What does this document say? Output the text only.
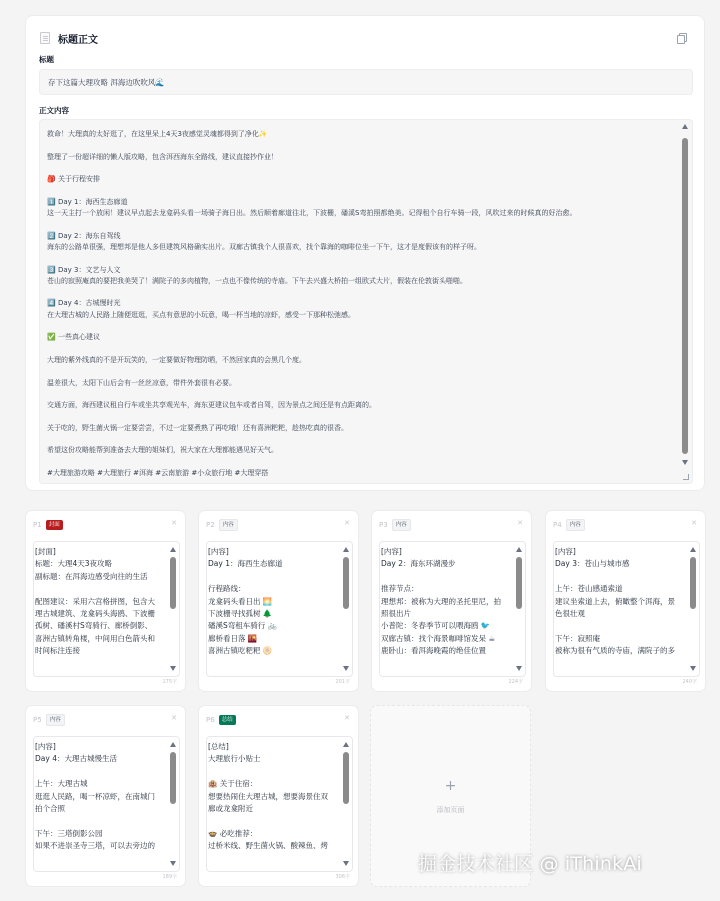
标题正文
标题
存下这篇大理攻略 洱海边吹吹风🌊
正文内容
救命！大理真的太好逛了，在这里呆上4天3夜感觉灵魂都得到了净化✨

整理了一份超详细的懒人版攻略，包含洱西海东全路线，建议直接抄作业！

🎒 关于行程安排

1️⃣ Day 1：海西生态廊道
这一天主打一个放闲！建议早点起去龙龛码头看一场骑子海日出。然后顺着廊道往北，下波栅，磻溪S弯拍照都绝美。记得租个自行车骑一段，风吹过来的时候真的好治愈。

2️⃣ Day 2：海东自驾线
海东的公路单很强，理想邦是他人多但建筑风格确实出片。双廊古镇我个人很喜欢，找个靠海的咖啡位坐一下午，这才是度假该有的样子呀。

3️⃣ Day 3：文艺与人文
苍山的寂照庵真的要把我美哭了！满院子的多肉植物，一点也不像传统的寺庙。下午去兴盛大桥拍一组欧式大片，假装在伦敦街头啪啪。

4️⃣ Day 4：古城慢时光
在大理古城的人民路上随便逛逛，买点有意思的小玩意，喝一杯当地的凉虾，感受一下那种松弛感。

✅ 一些真心建议

大理的紫外线真的不是开玩笑的，一定要做好物理防晒，不然回家真的会黑几个度。

温差很大，太阳下山后会有一丝丝凉意，带件外套很有必要。

交通方面，海西建议租自行车或坐共享观光车，海东更建议包车或者自驾，因为景点之间还是有点距离的。

关于吃的，野生菌火锅一定要尝尝，不过一定要煮熟了再吃哦！还有喜洲粑粑，趁热吃真的很香。

希望这份攻略能帮到准备去大理的姐妹们，祝大家在大理都能遇见好天气。

#大理旅游攻略 #大理旅行 #洱海 #云南旅游 #小众旅行地 #大理穿搭
P1	封面	✕
[封面]
标题：大理4天3夜攻略
副标题：在洱海边感受向往的生活

配图建议：采用六宫格拼图，包含大
理古城建筑、龙龛码头海鸥、下波栅
孤树、磻溪村S弯骑行、廊桥倒影、
喜洲古镇转角楼，中间用白色箭头和
时间标注连接
175字
P2	内容	✕
[内容]
Day 1：海西生态廊道

行程路线：
龙龛码头看日出 🌅
下波栅寻找孤树 🌲
磻溪S弯租车骑行 🚲
廊桥看日落 🌇
喜洲古镇吃粑粑 🫓
201字
P3	内容	✕
[内容]
Day 2：海东环湖漫步

推荐节点：
理想邦：被称为大理的圣托里尼，拍
照很出片
小普陀：冬春季节可以喂海鸥 🐦
双廊古镇：找个海景咖啡馆发呆 ☕
鹿卧山：看洱海晚霞的绝佳位置
224字
P4	内容	✕
[内容]
Day 3：苍山与城市感

上午：苍山感通索道
建议坐索道上去，俯瞰整个洱海，景
色很壮观

下午：寂照庵
被称为很有气质的寺庙，满院子的多
240字
P5	内容	✕
[内容]
Day 4：大理古城慢生活

上午：大理古城
逛逛人民路，喝一杯凉虾，在南城门
拍个合照

下午：三塔倒影公园
如果不进崇圣寺三塔，可以去旁边的
189字
P6	总结	✕
[总结]
大理旅行小贴士

🏨 关于住宿：
想要热闹住大理古城，想要海景住双
廊或龙龛附近

🍲 必吃推荐：
过桥米线、野生菌火锅、酸辣鱼、烤
306字
+
添加页面
掘金技术社区 @ iThinkAi
